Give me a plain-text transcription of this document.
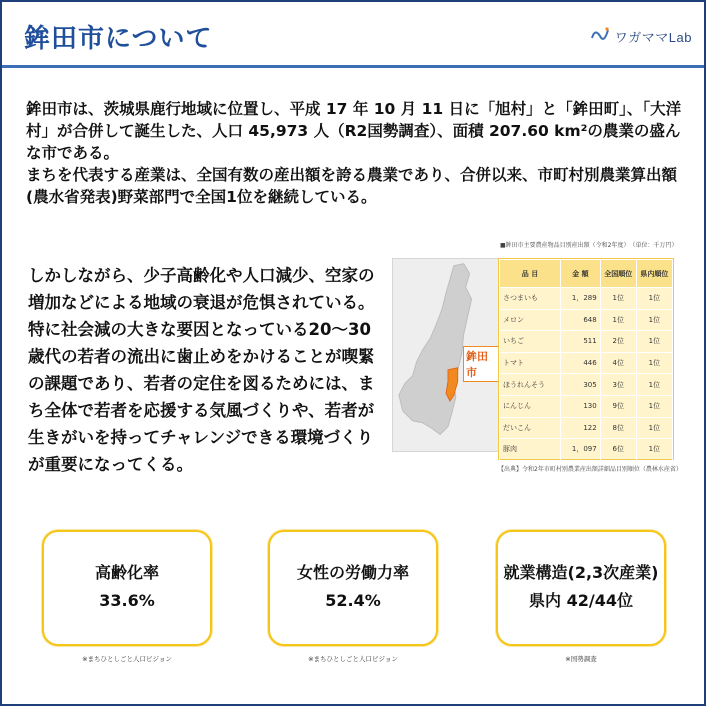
鉾田市について	ワガママLab

鉾田市は、茨城県鹿行地域に位置し、平成 17 年 10 月 11 日に「旭村」と「鉾田町」、「大洋村」が合併して誕生した、人口 45,973 人（R2国勢調査）、面積 207.60 km²の農業の盛んな市である。

まちを代表する産業は、全国有数の産出額を誇る農業であり、合併以来、市町村別農業算出額(農水省発表)野菜部門で全国1位を継続している。

しかしながら、少子高齢化や人口減少、空家の増加などによる地域の衰退が危惧されている。特に社会減の大きな要因となっている20～30歳代の若者の流出に歯止めをかけることが喫緊の課題であり、若者の定住を図るためには、まち全体で若者を応援する気風づくりや、若者が生きがいを持ってチャレンジできる環境づくりが重要になってくる。
鉾田市
■鉾田市主要農産物品目別産出額（令和2年度）　（単位：千万円）
品 目	金 額	全国順位	県内順位
さつまいも	1，289	1位	1位
メロン	648	1位	1位
いちご	511	2位	1位
トマト	446	4位	1位
ほうれんそう	305	3位	1位
にんじん	130	9位	1位
だいこん	122	8位	1位
豚肉	1，097	6位	1位
【出典】令和2年市町村別農業産出額詳細品目別順位（農林水産省）
高齢化率
33.6%
女性の労働力率
52.4%
就業構造(2,3次産業)
県内 42/44位
※まちひとしごと人口ビジョン	※まちひとしごと人口ビジョン	※国勢調査
